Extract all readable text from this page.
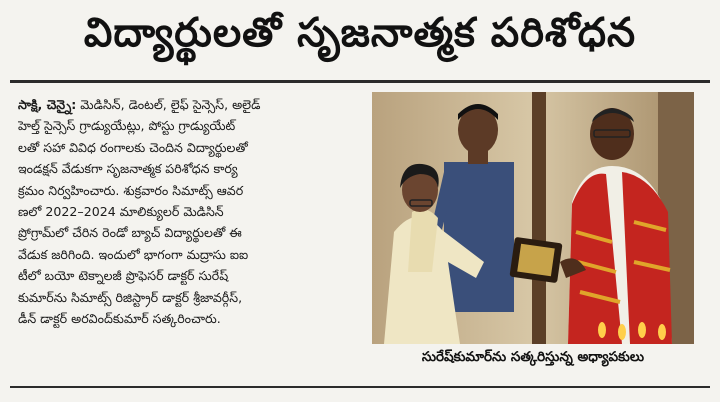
విద్యార్థులతో సృజనాత్మక పరిశోధన
సాక్షి, చెన్నై: మెడిసిన్, డెంటల్, లైఫ్ సైన్సెస్, అలైడ్
హెల్త్ సైన్సెస్ గ్రాడ్యుయేట్లు, పోస్టు గ్రాడ్యుయేట్
లతో సహా వివిధ రంగాలకు చెందిన విద్యార్థులతో
ఇండక్షన్ వేడుకగా సృజనాత్మక పరిశోధన కార్య
క్రమం నిర్వహించారు. శుక్రవారం సిమాట్స్ ఆవర
ణలో 2022–2024 మాలిక్యులర్ మెడిసిన్
ప్రోగ్రామ్‌లో చేరిన రెండో బ్యాచ్ విద్యార్థులతో ఈ
వేడుక జరిగింది. ఇందులో భాగంగా మద్రాసు ఐఐ
టీలో బయో టెక్నాలజీ ప్రొఫెసర్ డాక్టర్ సురేష్
కుమార్‌ను సిమాట్స్ రిజిస్ట్రార్ డాక్టర్ శ్రీజావర్గీస్,
డీన్ డాక్టర్ అరవింద్‌కుమార్ సత్కరించారు.
సురేష్‌కుమార్‌ను సత్కరిస్తున్న అధ్యాపకులు
